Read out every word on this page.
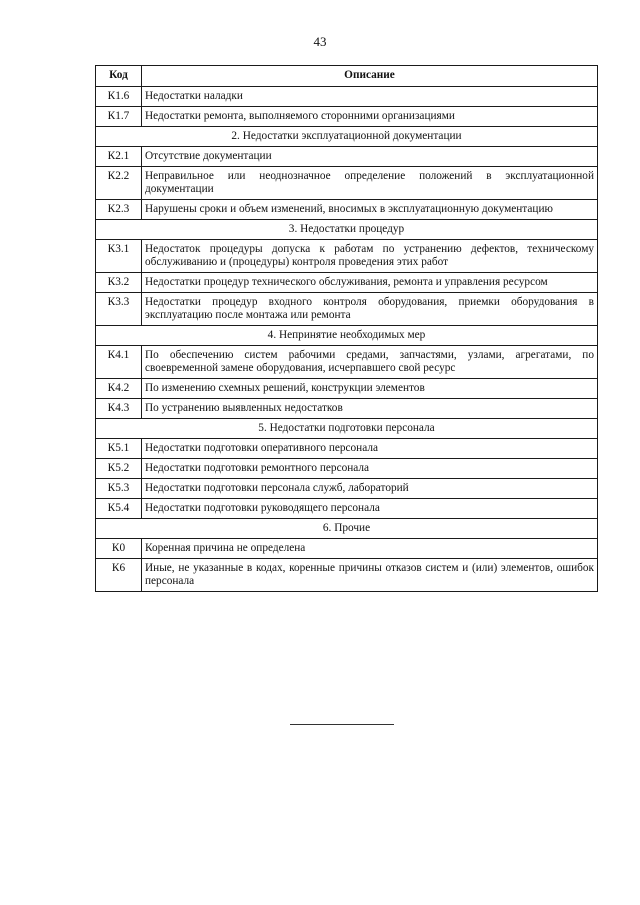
43
Код	Описание
К1.6	Недостатки наладки
К1.7	Недостатки ремонта, выполняемого сторонними организациями
2. Недостатки эксплуатационной документации	
К2.1	Отсутствие документации
К2.2	Неправильное или неоднозначное определение положений в эксплуатационной документации
К2.3	Нарушены сроки и объем изменений, вносимых в эксплуатационную документацию
3. Недостатки процедур	
К3.1	Недостаток процедуры допуска к работам по устранению дефектов, техническому обслуживанию и (процедуры) контроля проведения этих работ
К3.2	Недостатки процедур технического обслуживания, ремонта и управления ресурсом
К3.3	Недостатки процедур входного контроля оборудования, приемки оборудования в эксплуатацию после монтажа или ремонта
4. Непринятие необходимых мер	
К4.1	По обеспечению систем рабочими средами, запчастями, узлами, агрегатами, по своевременной замене оборудования, исчерпавшего свой ресурс
К4.2	По изменению схемных решений, конструкции элементов
К4.3	По устранению выявленных недостатков
5. Недостатки подготовки персонала	
К5.1	Недостатки подготовки оперативного персонала
К5.2	Недостатки подготовки ремонтного персонала
К5.3	Недостатки подготовки персонала служб, лабораторий
К5.4	Недостатки подготовки руководящего персонала
6. Прочие	
К0	Коренная причина не определена
К6	Иные, не указанные в кодах, коренные причины отказов систем и (или) элементов, ошибок персонала
